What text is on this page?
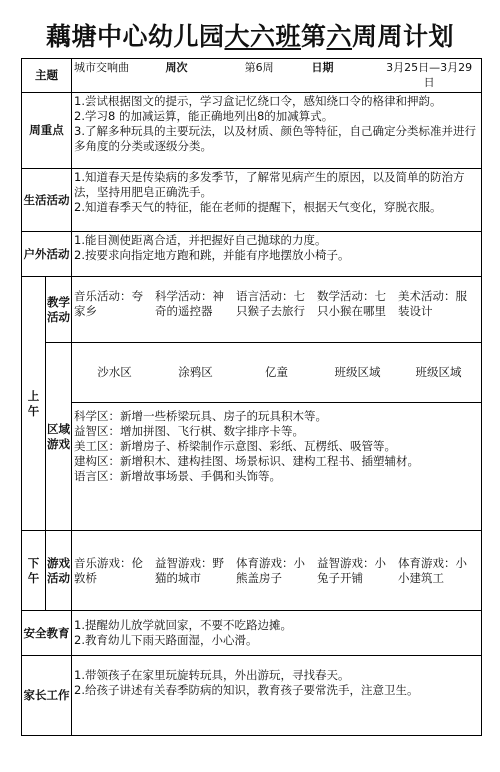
藕塘中心幼儿园大六班第六周周计划
主题		城市交响曲 周次 第6周 日期 3月25日—3月29日

周重点		1.尝试根据图文的提示，学习盒记忆绕口令，感知绕口令的格律和押韵。

2.学习8 的加减运算，能正确地列出8的加减算式。

3.了解多种玩具的主要玩法，以及材质、颜色等特征，自己确定分类标准并进行多角度的分类或逐级分类。

生活活动		1.知道春天是传染病的多发季节，了解常见病产生的原因，以及简单的防治方法，坚持用肥皂正确洗手。

2.知道春季天气的特征，能在老师的提醒下，根据天气变化，穿脱衣服。

户外活动		1.能目测使距离合适，并把握好自己抛球的力度。

2.按要求向指定地方跑和跳，并能有序地摆放小椅子。

上午	教学活动	音乐活动：夸家乡
科学活动：神奇的遥控器
语言活动：七只猴子去旅行
数学活动：七只小猴在哪里
美术活动：服装设计

	区域游戏	沙水区 涂鸦区 亿童 班级区域 班级区域

		科学区：新增一些桥梁玩具、房子的玩具积木等。

益智区：增加拼图、飞行棋、数字排序卡等。

美工区：新增房子、桥梁制作示意图、彩纸、瓦楞纸、吸管等。

建构区：新增积木、建构挂图、场景标识、建构工程书、插塑辅材。

语言区：新增故事场景、手偶和头饰等。

下午	游戏活动	音乐游戏：伦敦桥
益智游戏：野猫的城市
体育游戏：小熊盖房子
益智游戏：小兔子开铺
体育游戏：小小建筑工

安全教育		1.提醒幼儿放学就回家，不要不吃路边摊。

2.教育幼儿下雨天路面湿，小心滑。

家长工作		1.带领孩子在家里玩旋转玩具，外出游玩，寻找春天。

2.给孩子讲述有关春季防病的知识，教育孩子要常洗手，注意卫生。
